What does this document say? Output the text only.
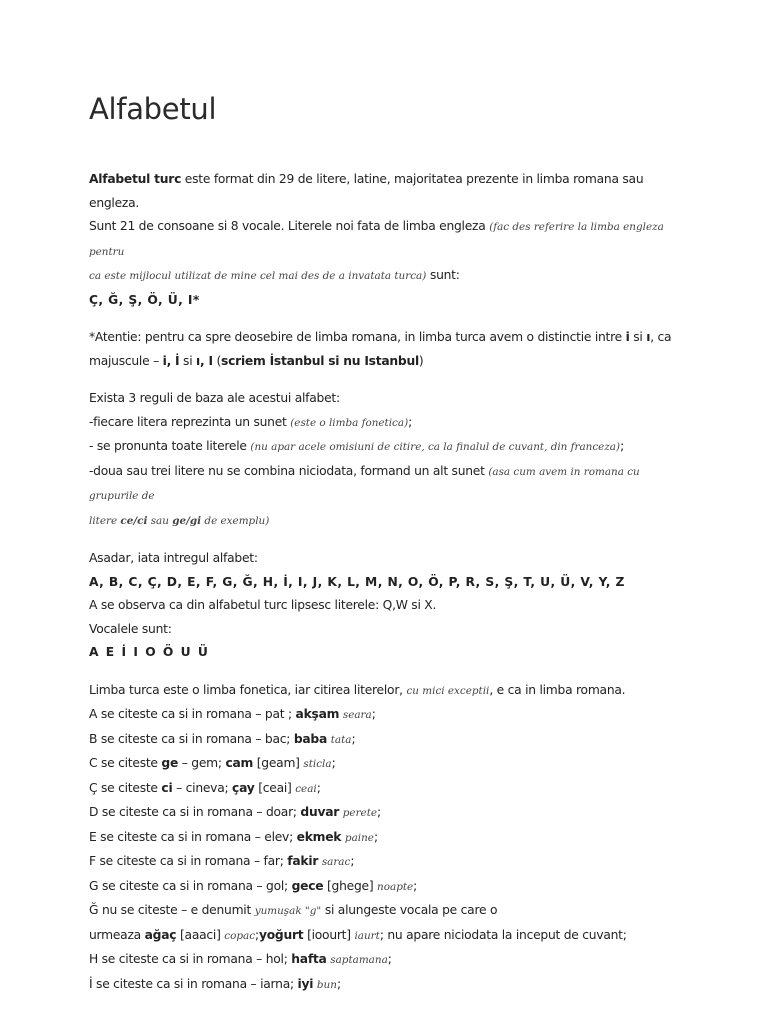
Alfabetul
Alfabetul turc este format din 29 de litere, latine, majoritatea prezente in limba romana sau engleza.
Sunt 21 de consoane si 8 vocale. Literele noi fata de limba engleza (fac des referire la limba engleza pentru
ca este mijlocul utilizat de mine cel mai des de a invatata turca) sunt:
Ç, Ğ, Ş, Ö, Ü, I*
*Atentie: pentru ca spre deosebire de limba romana, in limba turca avem o distinctie intre i si ı, ca
majuscule – i, İ si ı, I (scriem İstanbul si nu Istanbul)
Exista 3 reguli de baza ale acestui alfabet:
-fiecare litera reprezinta un sunet (este o limba fonetica);
- se pronunta toate literele (nu apar acele omisiuni de citire, ca la finalul de cuvant, din franceza);
-doua sau trei litere nu se combina niciodata, formand un alt sunet (asa cum avem in romana cu grupurile de
litere ce/ci sau ge/gi de exemplu)
Asadar, iata intregul alfabet:
A, B, C, Ç, D, E, F, G, Ğ, H, İ, I, J, K, L, M, N, O, Ö, P, R, S, Ş, T, U, Ü, V, Y, Z
A se observa ca din alfabetul turc lipsesc literele: Q,W si X.
Vocalele sunt:
A E İ I O Ö U Ü
Limba turca este o limba fonetica, iar citirea literelor, cu mici exceptii, e ca in limba romana.
A se citeste ca si in romana – pat ; akşam seara;
B se citeste ca si in romana – bac; baba tata;
C se citeste ge – gem; cam [geam] sticla;
Ç se citeste ci – cineva; çay [ceai] ceai;
D se citeste ca si in romana – doar; duvar perete;
E se citeste ca si in romana – elev; ekmek paine;
F se citeste ca si in romana – far; fakir sarac;
G se citeste ca si in romana – gol; gece [ghege] noapte;
Ğ nu se citeste – e denumit yumuşak "g" si alungeste vocala pe care o
urmeaza ağaç [aaaci] copac;yoğurt [ioourt] iaurt; nu apare niciodata la inceput de cuvant;
H se citeste ca si in romana – hol; hafta saptamana;
İ se citeste ca si in romana – iarna; iyi bun;
